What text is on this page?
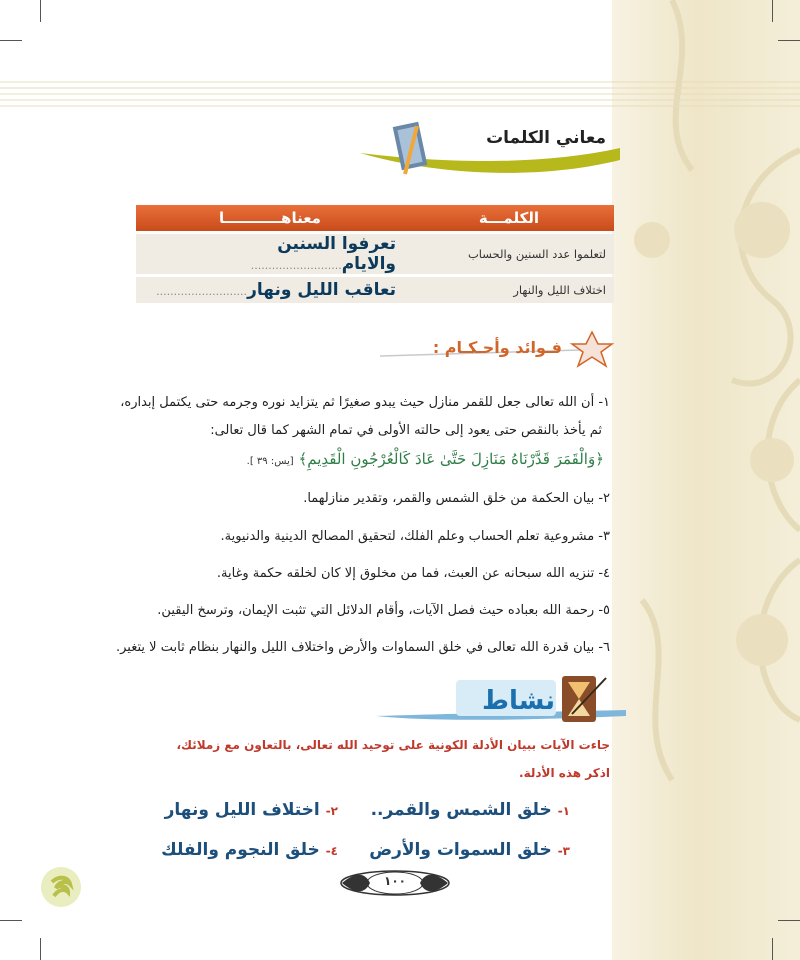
معاني الكلمات
الكلمـــة	معناهـــــــــــا
لتعلموا عدد السنين والحساب	تعرفوا السنين والايام..........................
اختلاف الليل والنهار	تعاقب الليل ونهار..........................
فـوائد وأحـكـام :
١- أن الله تعالى جعل للقمر منازل حيث يبدو صغيرًا ثم يتزايد نوره وجرمه حتى يكتمل إبداره،
ثم يأخذ بالنقص حتى يعود إلى حالته الأولى في تمام الشهر كما قال تعالى:
﴿وَالْقَمَرَ قَدَّرْنَاهُ مَنَازِلَ حَتَّىٰ عَادَ كَالْعُرْجُونِ الْقَدِيمِ﴾ [يس: ٣٩ ].
٢- بيان الحكمة من خلق الشمس والقمر، وتقدير منازلهما.
٣- مشروعية تعلم الحساب وعلم الفلك، لتحقيق المصالح الدينية والدنيوية.
٤- تنزيه الله سبحانه عن العبث، فما من مخلوق إلا كان لخلقه حكمة وغاية.
٥- رحمة الله بعباده حيث فصل الآيات، وأقام الدلائل التي تثبت الإيمان، وترسخ اليقين.
٦- بيان قدرة الله تعالى في خلق السماوات والأرض واختلاف الليل والنهار بنظام ثابت لا يتغير.
نشاط
جاءت الآيات ببيان الأدلة الكونية على توحيد الله تعالى، بالتعاون مع زملائك،
اذكر هذه الأدلة.
١- خلق الشمس والقمر..
٢- اختلاف الليل ونهار
٣- خلق السموات والأرض
٤- خلق النجوم والفلك
١٠٠
